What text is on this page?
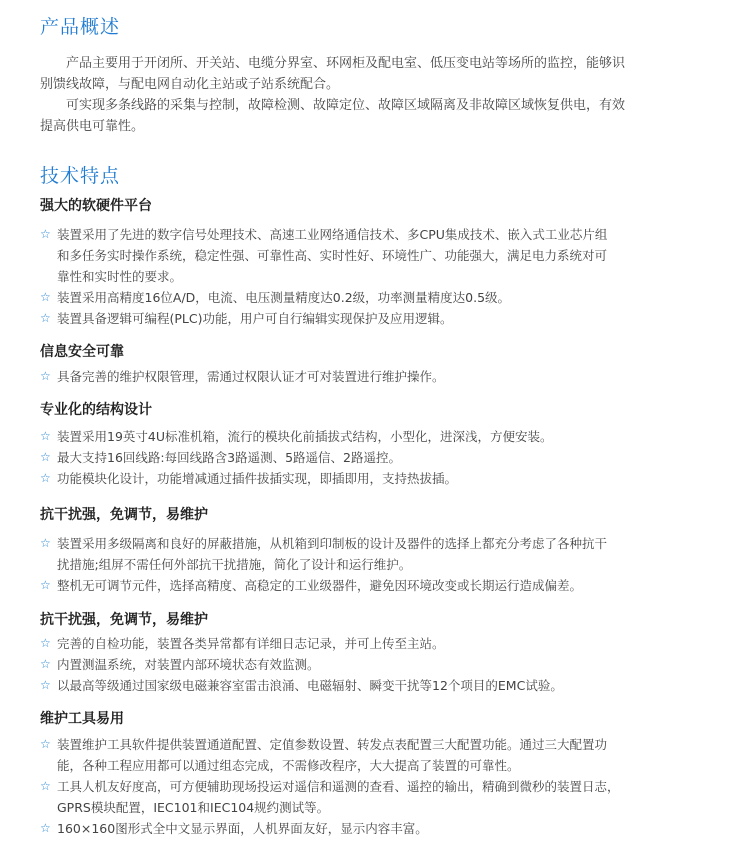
产品概述

产品主要用于开闭所、开关站、电缆分界室、环网柜及配电室、低压变电站等场所的监控，能够识
别馈线故障，与配电网自动化主站或子站系统配合。

可实现多条线路的采集与控制，故障检测、故障定位、故障区域隔离及非故障区域恢复供电，有效
提高供电可靠性。

技术特点
强大的软硬件平台
☆ 装置采用了先进的数字信号处理技术、高速工业网络通信技术、多CPU集成技术、嵌入式工业芯片组
和多任务实时操作系统，稳定性强、可靠性高、实时性好、环境性广、功能强大，满足电力系统对可
靠性和实时性的要求。
☆ 装置采用高精度16位A/D，电流、电压测量精度达0.2级，功率测量精度达0.5级。
☆ 装置具备逻辑可编程(PLC)功能，用户可自行编辑实现保护及应用逻辑。
信息安全可靠
☆ 具备完善的维护权限管理，需通过权限认证才可对装置进行维护操作。
专业化的结构设计
☆ 装置采用19英寸4U标准机箱，流行的模块化前插拔式结构，小型化，进深浅，方便安装。
☆ 最大支持16回线路:每回线路含3路遥测、5路遥信、2路遥控。
☆ 功能模块化设计，功能增减通过插件拔插实现，即插即用，支持热拔插。
抗干扰强，免调节，易维护
☆ 装置采用多级隔离和良好的屏蔽措施，从机箱到印制板的设计及器件的选择上都充分考虑了各种抗干
扰措施;组屏不需任何外部抗干扰措施，简化了设计和运行维护。
☆ 整机无可调节元件，选择高精度、高稳定的工业级器件，避免因环境改变或长期运行造成偏差。
抗干扰强，免调节，易维护
☆ 完善的自检功能，装置各类异常都有详细日志记录，并可上传至主站。
☆ 内置测温系统，对装置内部环境状态有效监测。
☆ 以最高等级通过国家级电磁兼容室雷击浪涌、电磁辐射、瞬变干扰等12个项目的EMC试验。
维护工具易用
☆ 装置维护工具软件提供装置通道配置、定值参数设置、转发点表配置三大配置功能。通过三大配置功
能，各种工程应用都可以通过组态完成，不需修改程序，大大提高了装置的可靠性。
☆ 工具人机友好度高，可方便辅助现场投运对遥信和遥测的查看、遥控的输出，精确到微秒的装置日志，
GPRS模块配置，IEC101和IEC104规约测试等。
☆ 160×160图形式全中文显示界面，人机界面友好，显示内容丰富。
